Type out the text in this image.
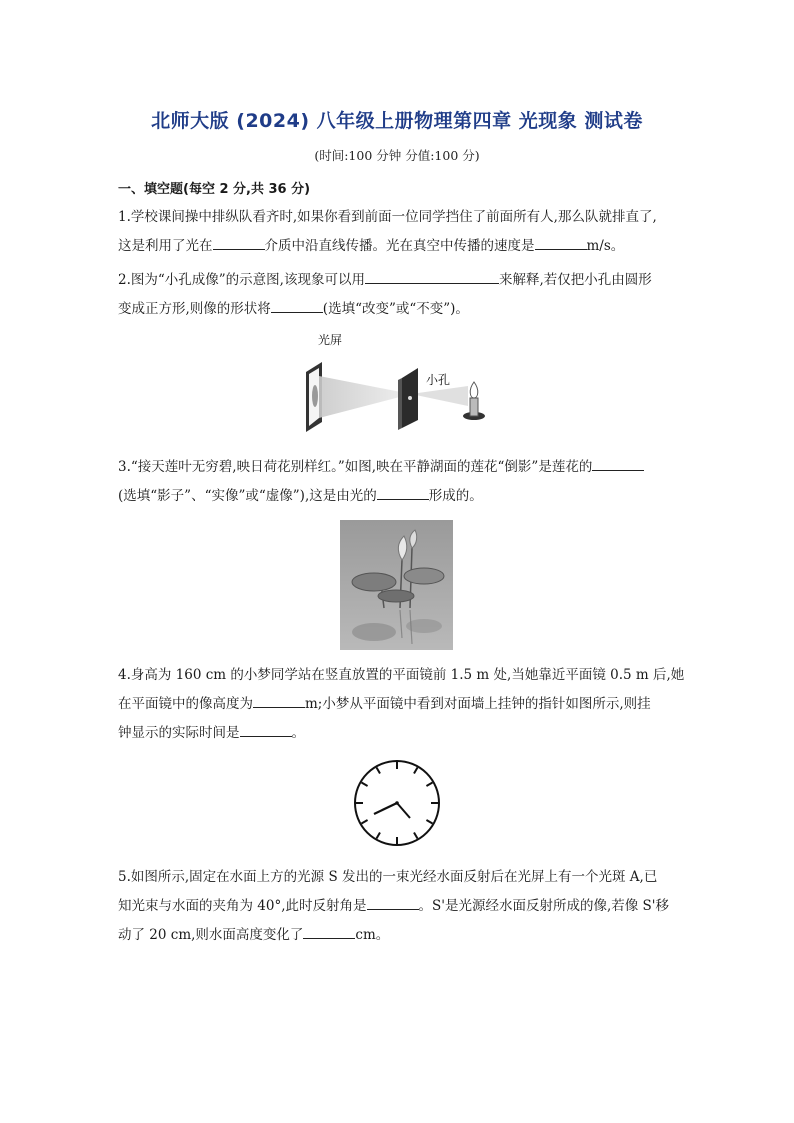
北师大版 (2024) 八年级上册物理第四章 光现象 测试卷
(时间:100 分钟 分值:100 分)
一、填空题(每空 2 分,共 36 分)
1.学校课间操中排纵队看齐时,如果你看到前面一位同学挡住了前面所有人,那么队就排直了,
这是利用了光在	介质中沿直线传播。光在真空中传播的速度是	m/s。
2.图为“小孔成像”的示意图,该现象可以用	来解释,若仅把小孔由圆形
变成正方形,则像的形状将	(选填“改变”或“不变”)。
光屏
小孔
3.“接天莲叶无穷碧,映日荷花别样红。”如图,映在平静湖面的莲花“倒影”是莲花的
(选填“影子”、“实像”或“虚像”),这是由光的	形成的。
4.身高为 160 cm 的小梦同学站在竖直放置的平面镜前 1.5 m 处,当她靠近平面镜 0.5 m 后,她
在平面镜中的像高度为	m;小梦从平面镜中看到对面墙上挂钟的指针如图所示,则挂
钟显示的实际时间是	。
5.如图所示,固定在水面上方的光源 S 发出的一束光经水面反射后在光屏上有一个光斑 A,已
知光束与水面的夹角为 40°,此时反射角是	。S'是光源经水面反射所成的像,若像 S'移
动了 20 cm,则水面高度变化了	cm。
